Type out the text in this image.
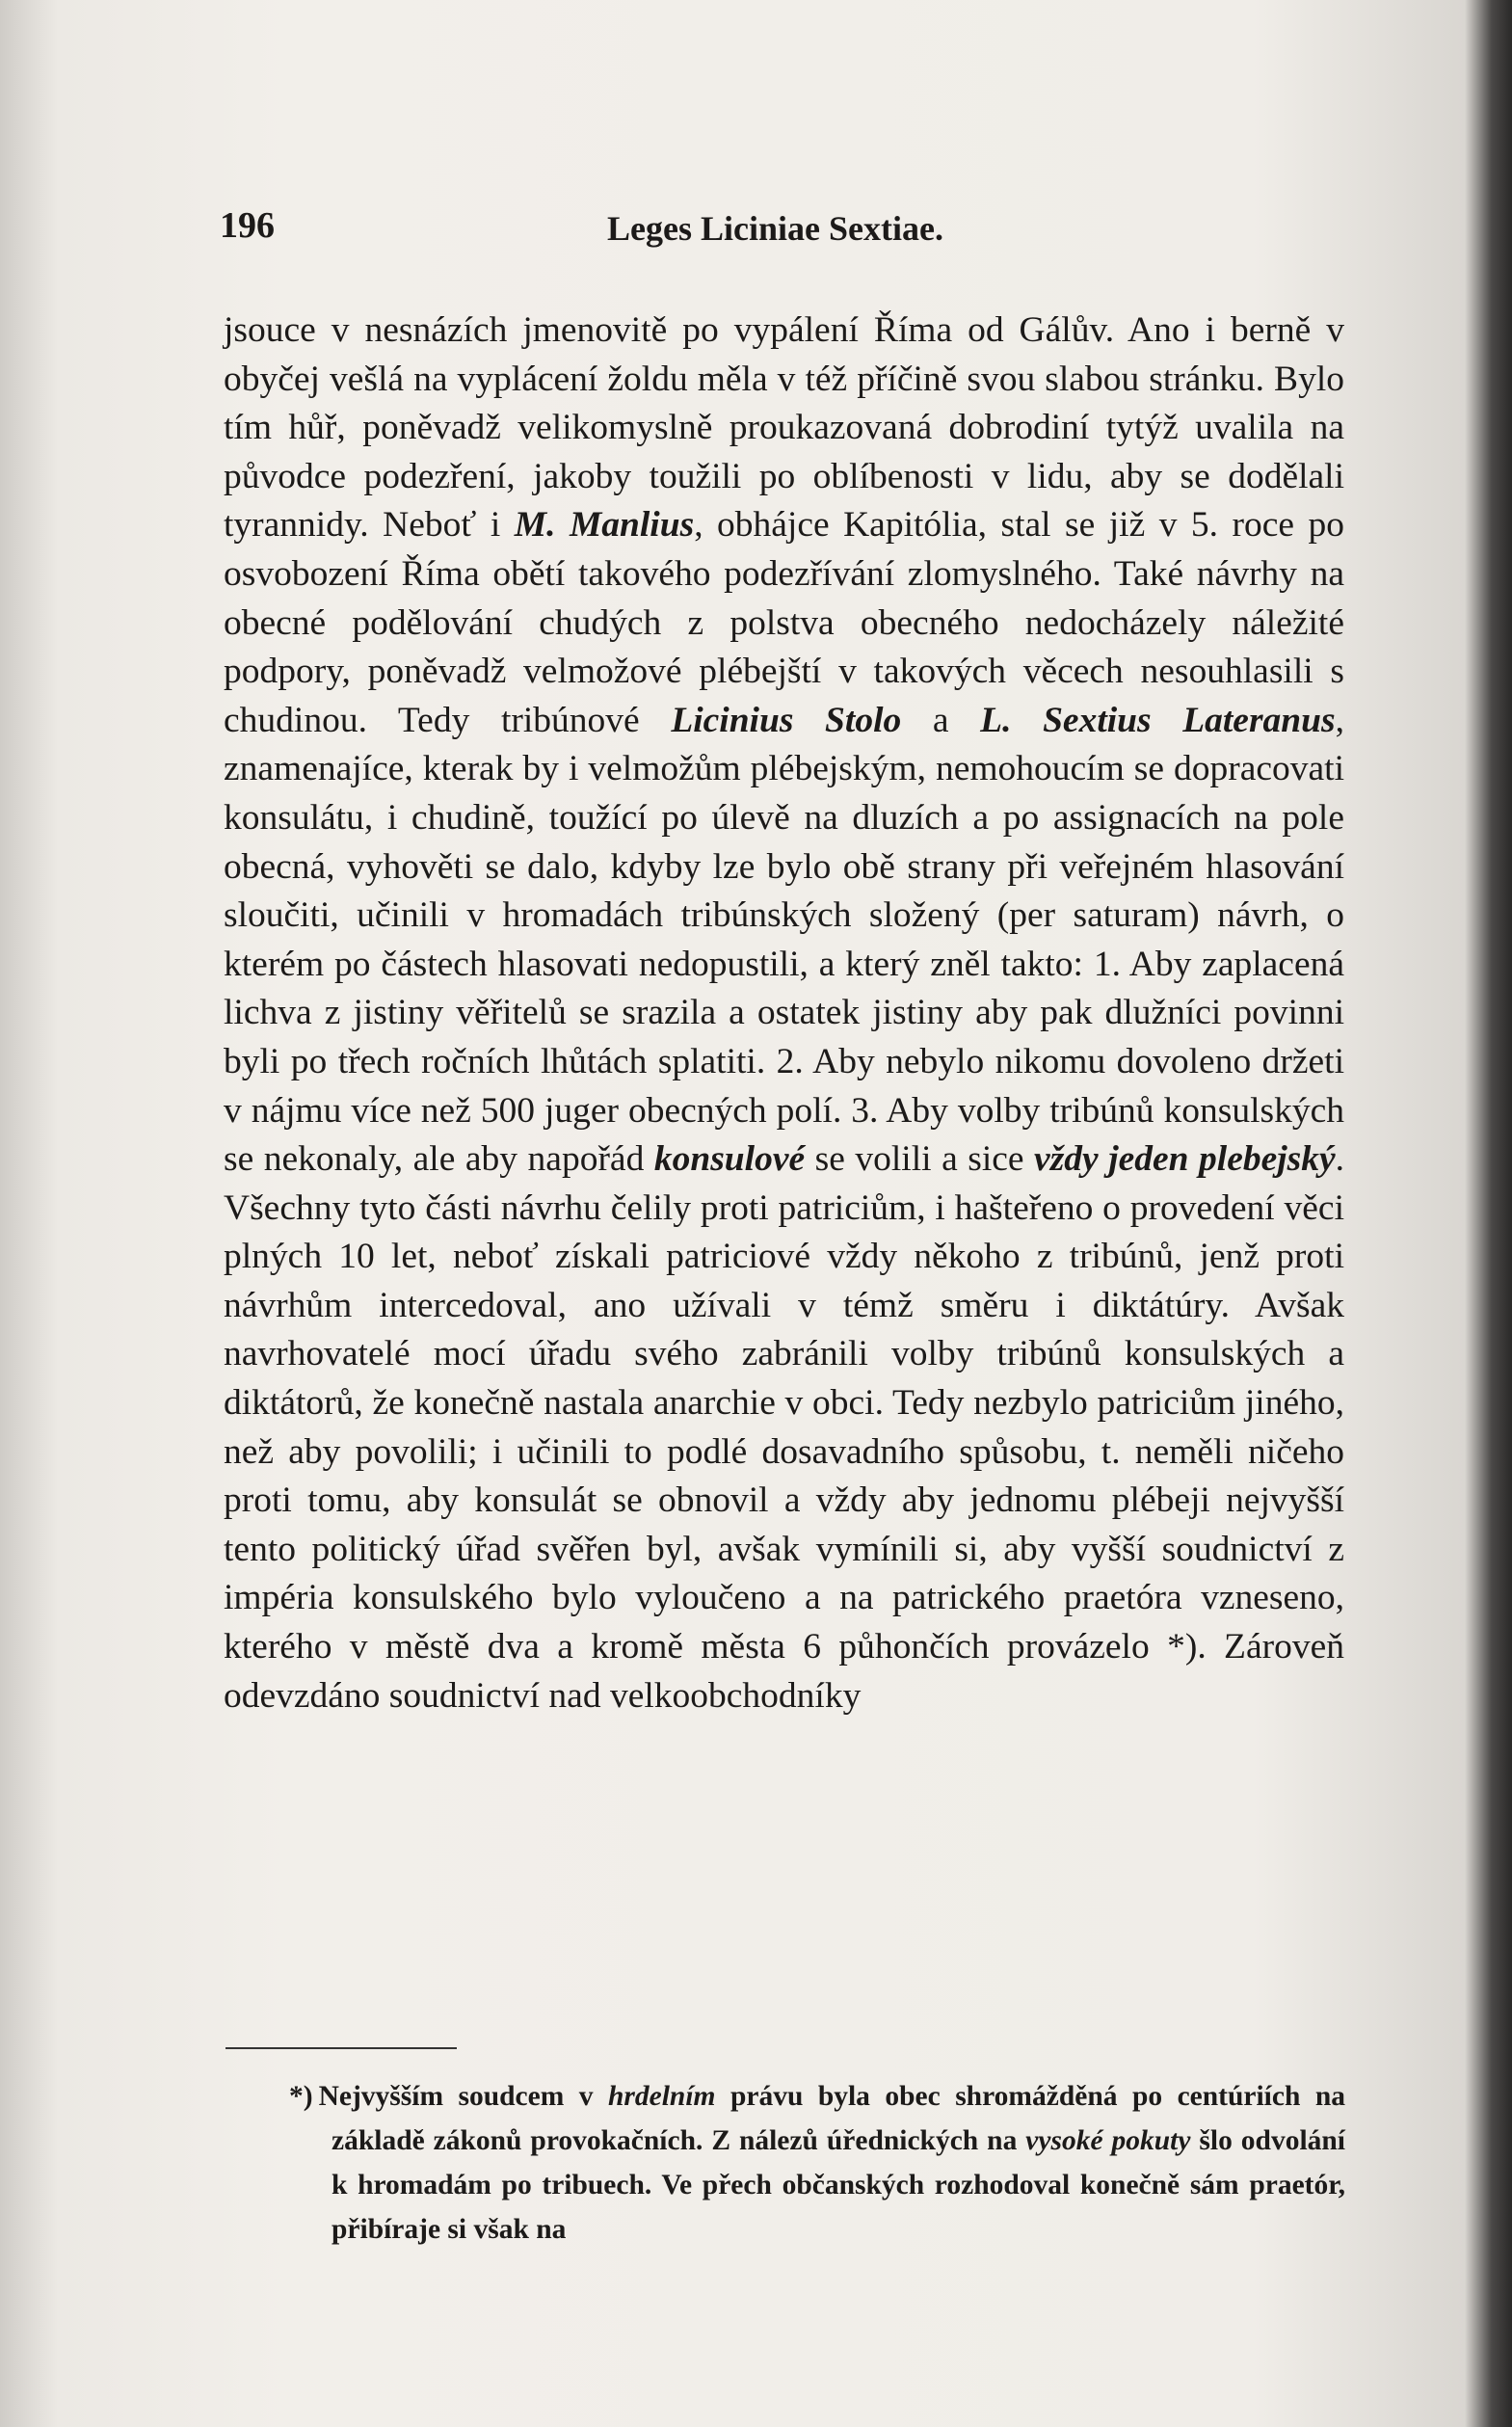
196	Leges Liciniae Sextiae.
jsouce v nesnázích jmenovitě po vypálení Říma od Gálův. Ano i berně v obyčej vešlá na vyplácení žoldu měla v též příčině svou slabou stránku. Bylo tím hůř, poněvadž velikomyslně proukazovaná dobrodiní tytýž uvalila na původce podezření, jakoby toužili po oblíbenosti v lidu, aby se dodělali tyrannidy. Neboť i M. Manlius, obhájce Kapitólia, stal se již v 5. roce po osvobození Říma obětí takového podezřívání zlomyslného. Také návrhy na obecné podělování chudých z polstva obecného nedocházely náležité podpory, poněvadž velmožové plébejští v takových věcech nesouhlasili s chudinou. Tedy tribúnové Licinius Stolo a L. Sextius Lateranus, znamenajíce, kterak by i velmožům plébejským, nemohoucím se dopracovati konsulátu, i chudině, toužící po úlevě na dluzích a po assignacích na pole obecná, vyhověti se dalo, kdyby lze bylo obě strany při veřejném hlasování sloučiti, učinili v hromadách tribúnských složený (per saturam) návrh, o kterém po částech hlasovati nedopustili, a který zněl takto: 1. Aby zaplacená lichva z jistiny věřitelů se srazila a ostatek jistiny aby pak dlužníci povinni byli po třech ročních lhůtách splatiti. 2. Aby nebylo nikomu dovoleno držeti v nájmu více než 500 juger obecných polí. 3. Aby volby tribúnů konsulských se nekonaly, ale aby napořád konsulové se volili a sice vždy jeden plebejský. Všechny tyto části návrhu čelily proti patriciům, i hašteřeno o provedení věci plných 10 let, neboť získali patriciové vždy někoho z tribúnů, jenž proti návrhům intercedoval, ano užívali v témž směru i diktátúry. Avšak navrhovatelé mocí úřadu svého zabránili volby tribúnů konsulských a diktátorů, že konečně nastala anarchie v obci. Tedy nezbylo patriciům jiného, než aby povolili; i učinili to podlé dosavadního spůsobu, t. neměli ničeho proti tomu, aby konsulát se obnovil a vždy aby jednomu plébeji nejvyšší tento politický úřad svěřen byl, avšak vymínili si, aby vyšší soudnictví z impéria konsulského bylo vyloučeno a na patrického praetóra vzneseno, kterého v městě dva a kromě města 6 půhončích provázelo *). Zároveň odevzdáno soudnictví nad velkoobchodníky
*) Nejvyšším soudcem v hrdelním právu byla obec shromážděná po centúriích na základě zákonů provokačních. Z nálezů úřednických na vysoké pokuty šlo odvolání k hromadám po tribuech. Ve přech občanských rozhodoval konečně sám praetór, přibíraje si však na
